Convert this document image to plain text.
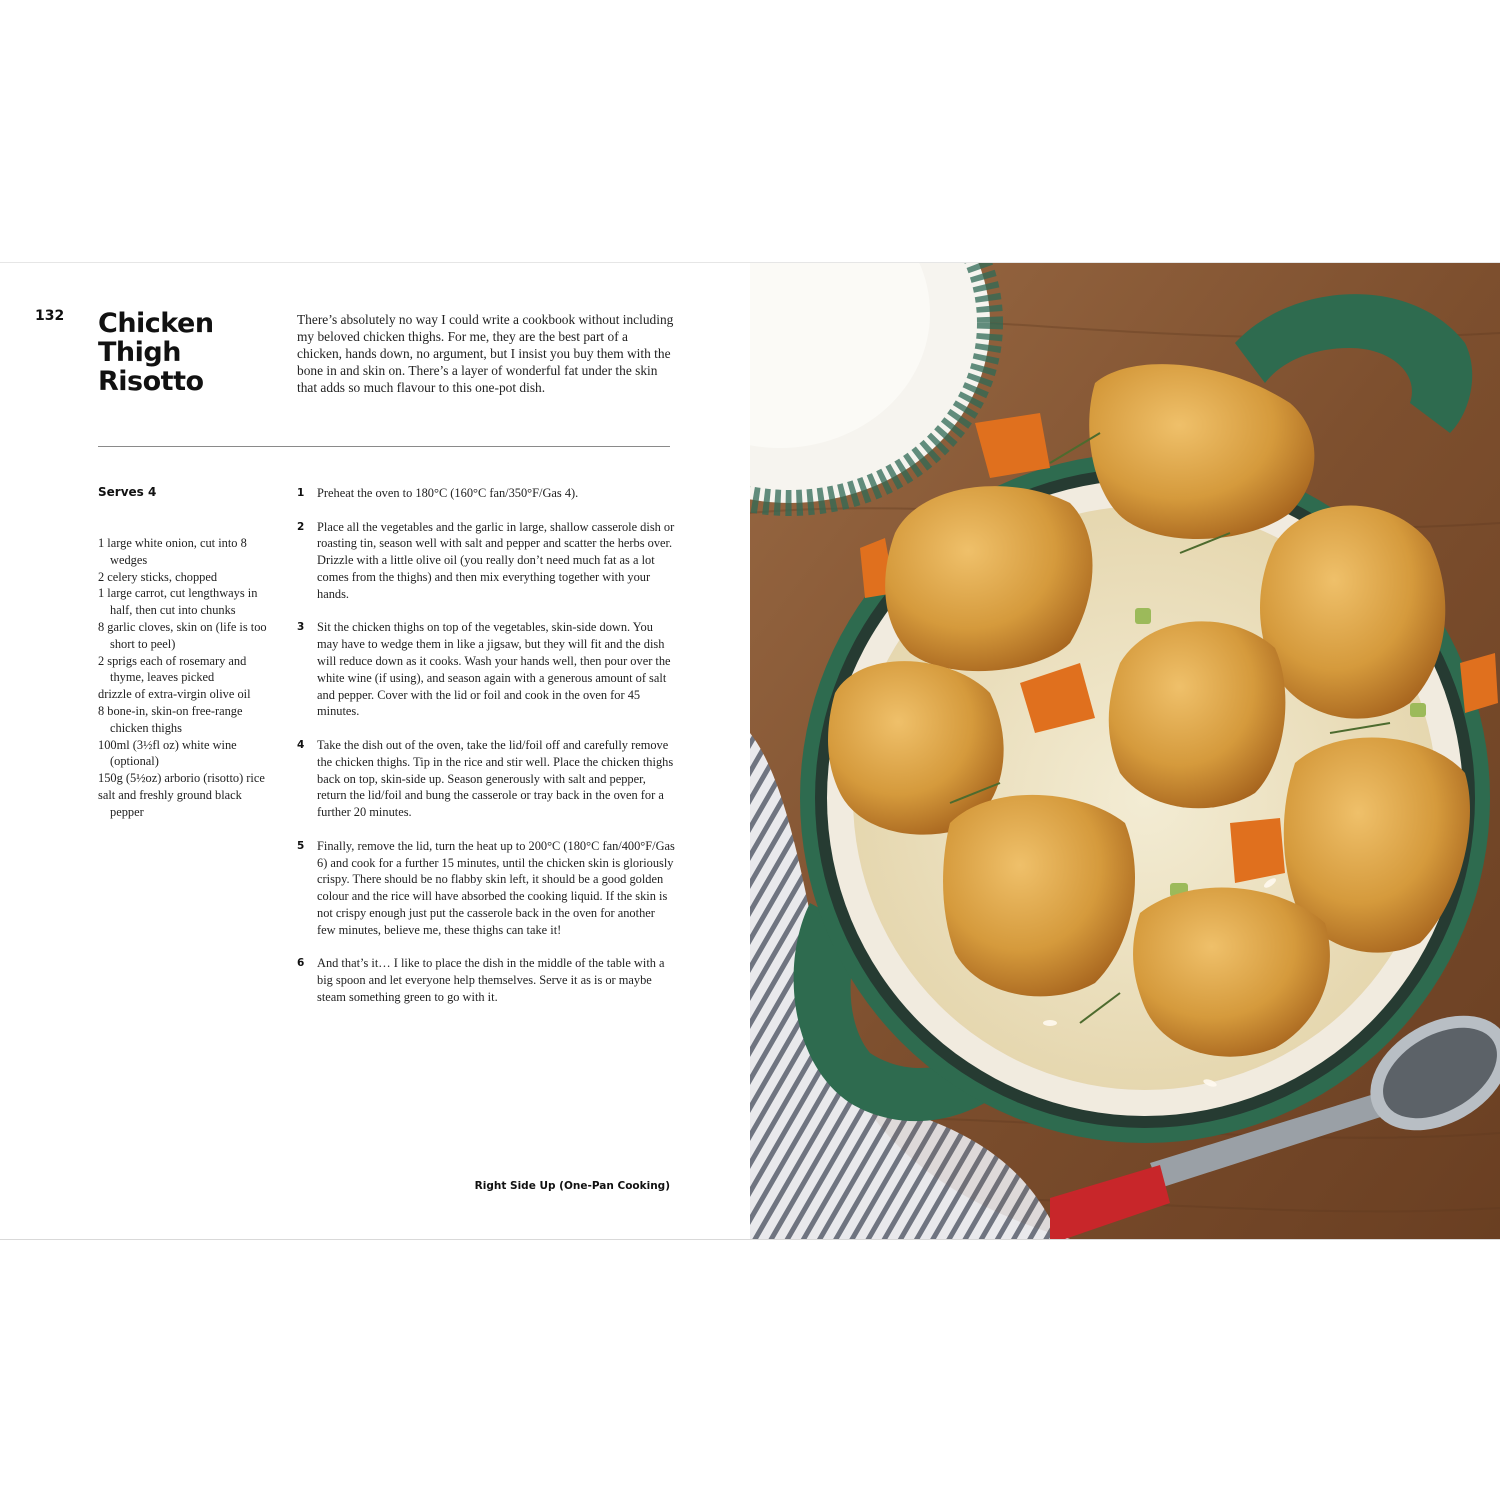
132 Chicken
Thigh
Risotto

There’s absolutely no way I could write a cookbook without including my beloved chicken thighs. For me, they are the best part of a chicken, hands down, no argument, but I insist you buy them with the bone in and skin on. There’s a layer of wonderful fat under the skin that adds so much flavour to this one-pot dish.

Serves 4
1 large white onion, cut into 8 wedges
2 celery sticks, chopped
1 large carrot, cut lengthways in half, then cut into chunks
8 garlic cloves, skin on (life is too short to peel)
2 sprigs each of rosemary and thyme, leaves picked
drizzle of extra-virgin olive oil
8 bone-in, skin-on free-range chicken thighs
100ml (3½fl oz) white wine (optional)
150g (5½oz) arborio (risotto) rice
salt and freshly ground black pepper
1 Preheat the oven to 180°C (160°C fan/350°F/Gas 4).
2 Place all the vegetables and the garlic in large, shallow casserole dish or roasting tin, season well with salt and pepper and scatter the herbs over. Drizzle with a little olive oil (you really don’t need much fat as a lot comes from the thighs) and then mix everything together with your hands.
3 Sit the chicken thighs on top of the vegetables, skin-side down. You may have to wedge them in like a jigsaw, but they will fit and the dish will reduce down as it cooks. Wash your hands well, then pour over the white wine (if using), and season again with a generous amount of salt and pepper. Cover with the lid or foil and cook in the oven for 45 minutes.
4 Take the dish out of the oven, take the lid/foil off and carefully remove the chicken thighs. Tip in the rice and stir well. Place the chicken thighs back on top, skin-side up. Season generously with salt and pepper, return the lid/foil and bung the casserole or tray back in the oven for a further 20 minutes.
5 Finally, remove the lid, turn the heat up to 200°C (180°C fan/400°F/Gas 6) and cook for a further 15 minutes, until the chicken skin is gloriously crispy. There should be no flabby skin left, it should be a good golden colour and the rice will have absorbed the cooking liquid. If the skin is not crispy enough just put the casserole back in the oven for another few minutes, believe me, these thighs can take it!
6 And that’s it… I like to place the dish in the middle of the table with a big spoon and let everyone help themselves. Serve it as is or maybe steam something green to go with it.
Right Side Up (One-Pan Cooking)
